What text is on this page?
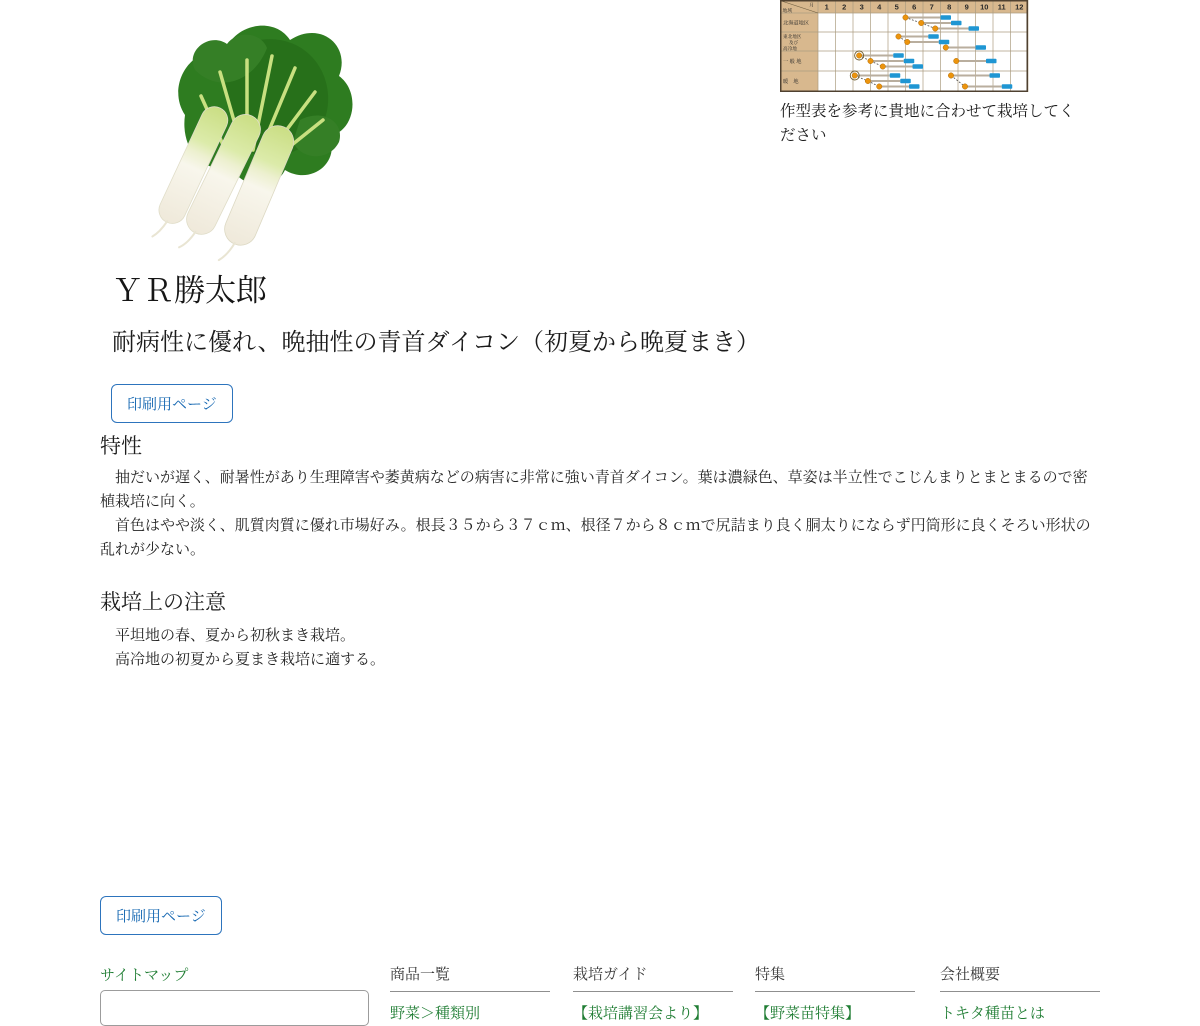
1 2 3 4 5 6 7 8 9 10 11 12
月
地域
北海道地区
東北地区
及び
高冷地
一 般 地
暖　地
作型表を参考に貴地に合わせて栽培してください
ＹＲ勝太郎
耐病性に優れ、晩抽性の青首ダイコン（初夏から晩夏まき）
印刷用ページ
特性

　抽だいが遅く、耐暑性があり生理障害や萎黄病などの病害に非常に強い青首ダイコン。葉は濃緑色、草姿は半立性でこじんまりとまとまるので密植栽培に向く。

　首色はやや淡く、肌質肉質に優れ市場好み。根長３５から３７ｃｍ、根径７から８ｃｍで尻詰まり良く胴太りにならず円筒形に良くそろい形状の乱れが少ない。

栽培上の注意
　平坦地の春、夏から初秋まき栽培。
　高冷地の初夏から夏まき栽培に適する。
印刷用ページ
サイトマップ	商品一覧
野菜＞種類別
栽培ガイド
【栽培講習会より】
特集
【野菜苗特集】
会社概要
トキタ種苗とは
